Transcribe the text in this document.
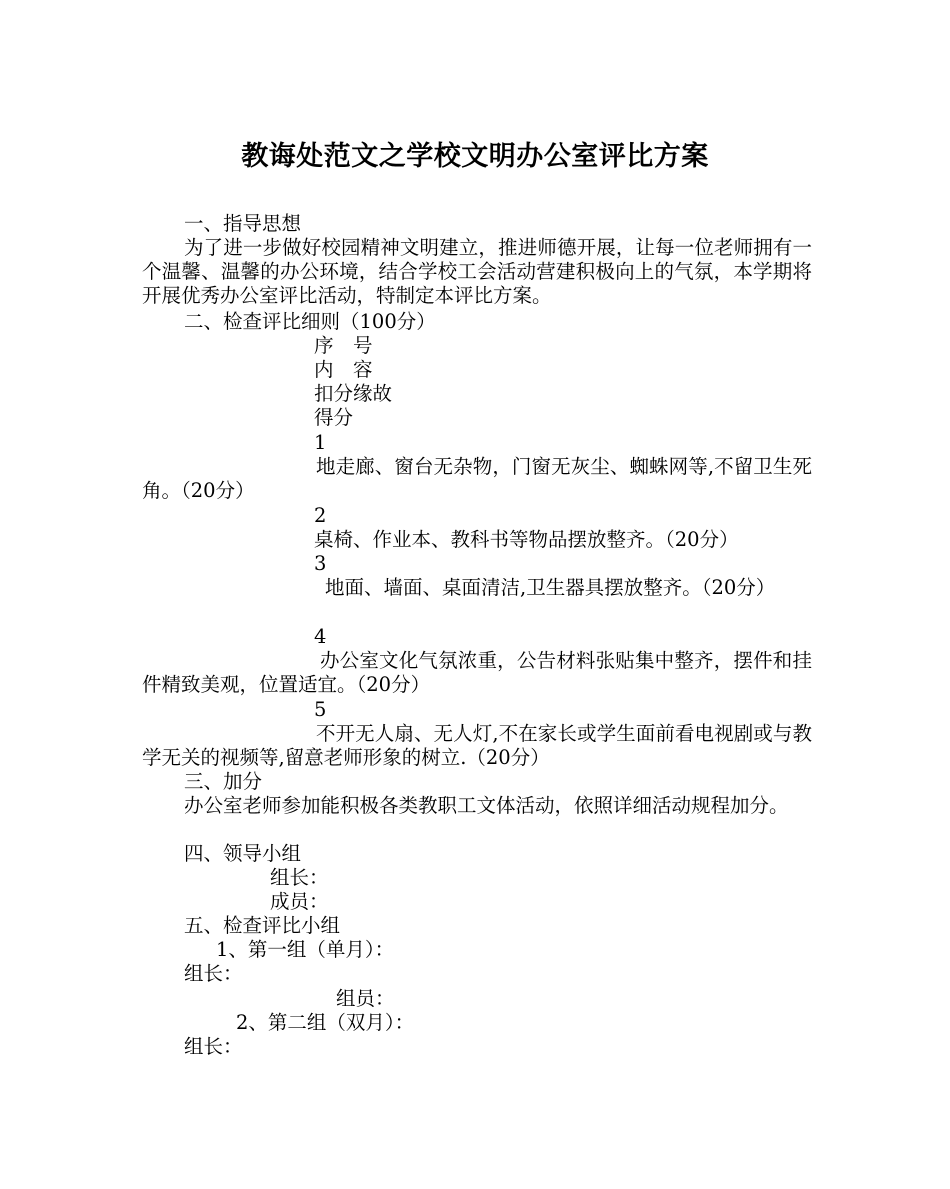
教诲处范文之学校文明办公室评比方案
一、指导思想
为了进一步做好校园精神文明建立，推进师德开展，让每一位老师拥有一个温馨、温馨的办公环境，结合学校工会活动营建积极向上的气氛，本学期将开展优秀办公室评比活动，特制定本评比方案。
二、检查评比细则（100分）
序　号
内　容
扣分缘故
得分
1
地走廊、窗台无杂物，门窗无灰尘、蜘蛛网等,不留卫生死角。（20分）
2
桌椅、作业本、教科书等物品摆放整齐。（20分）
3
地面、墙面、桌面清洁,卫生器具摆放整齐。（20分）
4
办公室文化气氛浓重，公告材料张贴集中整齐，摆件和挂件精致美观，位置适宜。（20分）
5
不开无人扇、无人灯,不在家长或学生面前看电视剧或与教学无关的视频等,留意老师形象的树立.（20分）
三、加分
办公室老师参加能积极各类教职工文体活动，依照详细活动规程加分。
四、领导小组
组长：
成员：
五、检查评比小组
1、第一组（单月）：
组长：
组员：
2、第二组（双月）：
组长：
